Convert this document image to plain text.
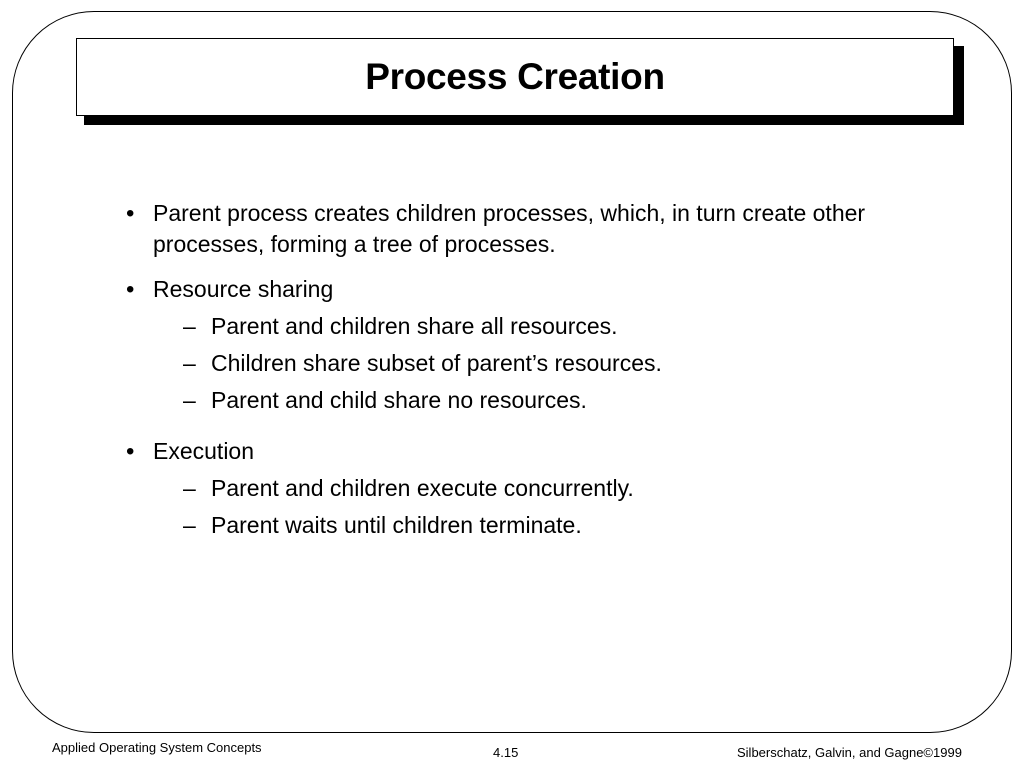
Process Creation
• Parent process creates children processes, which, in turn create other processes, forming a tree of processes.
• Resource sharing
– Parent and children share all resources.
– Children share subset of parent’s resources.
– Parent and child share no resources.
• Execution
– Parent and children execute concurrently.
– Parent waits until children terminate.
Applied Operating System Concepts	4.15	Silberschatz, Galvin, and Gagne©1999
